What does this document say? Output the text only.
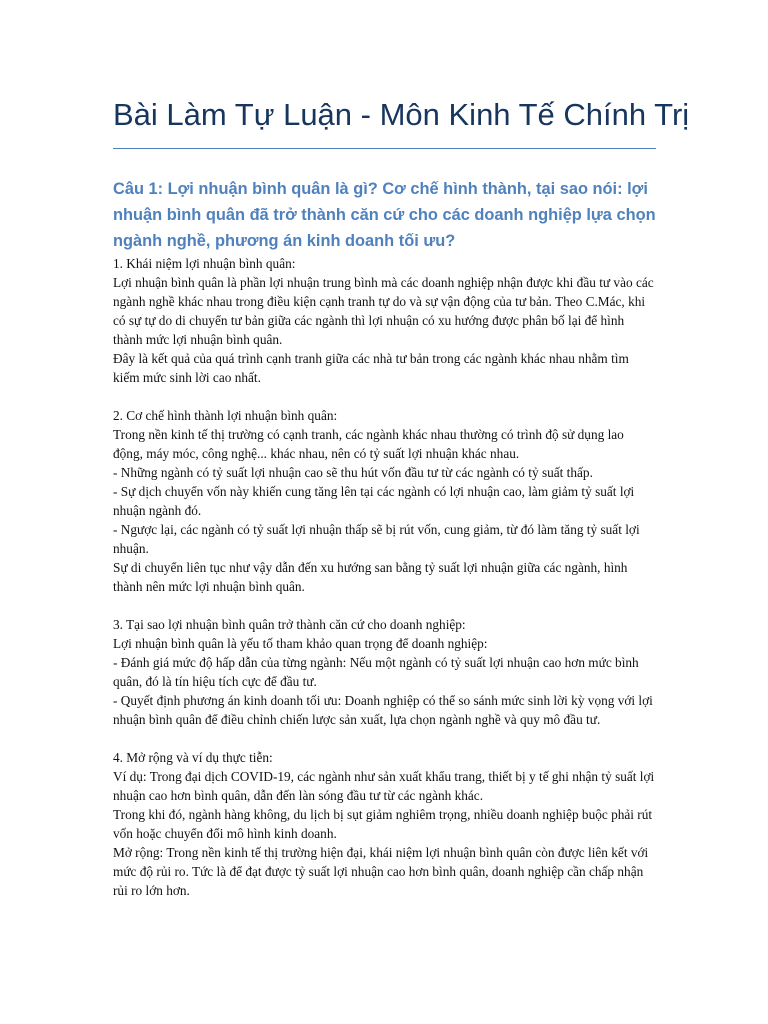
Bài Làm Tự Luận - Môn Kinh Tế Chính Trị
Câu 1: Lợi nhuận bình quân là gì? Cơ chế hình thành, tại sao nói: lợi nhuận bình quân đã trở thành căn cứ cho các doanh nghiệp lựa chọn ngành nghề, phương án kinh doanh tối ưu?

1. Khái niệm lợi nhuận bình quân:
Lợi nhuận bình quân là phần lợi nhuận trung bình mà các doanh nghiệp nhận được khi đầu tư vào các ngành nghề khác nhau trong điều kiện cạnh tranh tự do và sự vận động của tư bản. Theo C.Mác, khi có sự tự do di chuyển tư bản giữa các ngành thì lợi nhuận có xu hướng được phân bố lại để hình thành mức lợi nhuận bình quân.
Đây là kết quả của quá trình cạnh tranh giữa các nhà tư bản trong các ngành khác nhau nhằm tìm kiếm mức sinh lời cao nhất.

2. Cơ chế hình thành lợi nhuận bình quân:
Trong nền kinh tế thị trường có cạnh tranh, các ngành khác nhau thường có trình độ sử dụng lao động, máy móc, công nghệ... khác nhau, nên có tỷ suất lợi nhuận khác nhau.
- Những ngành có tỷ suất lợi nhuận cao sẽ thu hút vốn đầu tư từ các ngành có tỷ suất thấp.
- Sự dịch chuyển vốn này khiến cung tăng lên tại các ngành có lợi nhuận cao, làm giảm tỷ suất lợi nhuận ngành đó.
- Ngược lại, các ngành có tỷ suất lợi nhuận thấp sẽ bị rút vốn, cung giảm, từ đó làm tăng tỷ suất lợi nhuận.
Sự di chuyển liên tục như vậy dẫn đến xu hướng san bằng tỷ suất lợi nhuận giữa các ngành, hình thành nên mức lợi nhuận bình quân.

3. Tại sao lợi nhuận bình quân trở thành căn cứ cho doanh nghiệp:
Lợi nhuận bình quân là yếu tố tham khảo quan trọng để doanh nghiệp:
- Đánh giá mức độ hấp dẫn của từng ngành: Nếu một ngành có tỷ suất lợi nhuận cao hơn mức bình quân, đó là tín hiệu tích cực để đầu tư.
- Quyết định phương án kinh doanh tối ưu: Doanh nghiệp có thể so sánh mức sinh lời kỳ vọng với lợi nhuận bình quân để điều chỉnh chiến lược sản xuất, lựa chọn ngành nghề và quy mô đầu tư.

4. Mở rộng và ví dụ thực tiễn:
Ví dụ: Trong đại dịch COVID-19, các ngành như sản xuất khẩu trang, thiết bị y tế ghi nhận tỷ suất lợi nhuận cao hơn bình quân, dẫn đến làn sóng đầu tư từ các ngành khác.
Trong khi đó, ngành hàng không, du lịch bị sụt giảm nghiêm trọng, nhiều doanh nghiệp buộc phải rút vốn hoặc chuyển đổi mô hình kinh doanh.
Mở rộng: Trong nền kinh tế thị trường hiện đại, khái niệm lợi nhuận bình quân còn được liên kết với mức độ rủi ro. Tức là để đạt được tỷ suất lợi nhuận cao hơn bình quân, doanh nghiệp cần chấp nhận rủi ro lớn hơn.
